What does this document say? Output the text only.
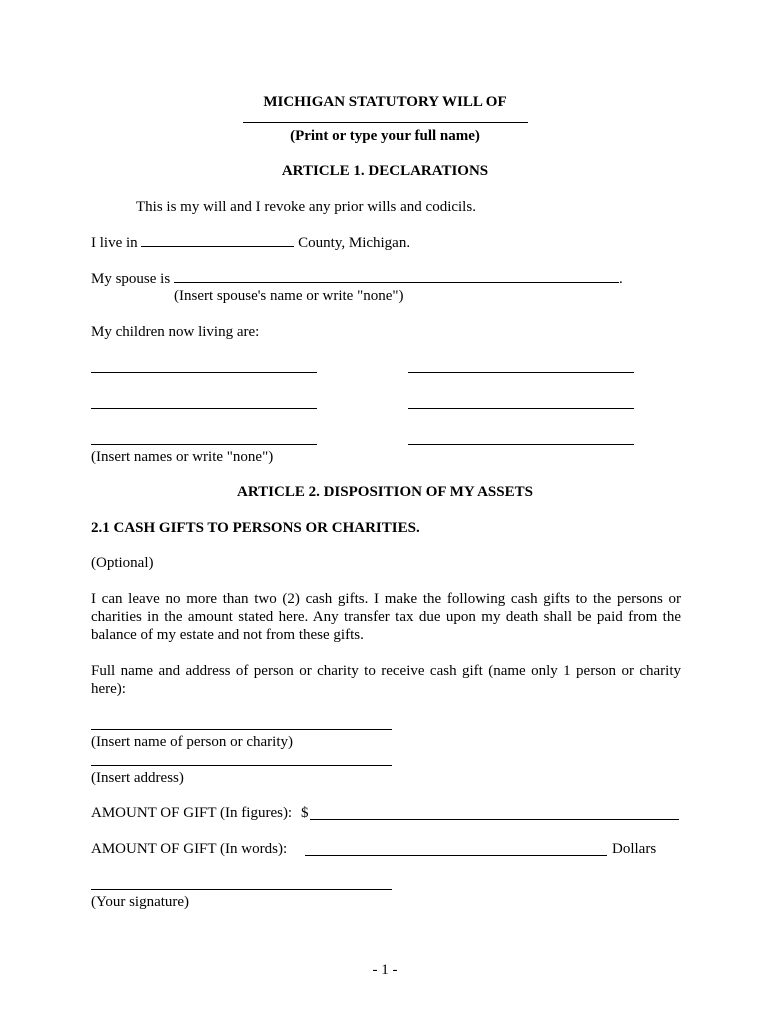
MICHIGAN STATUTORY WILL OF
(Print or type your full name)
ARTICLE 1. DECLARATIONS
This is my will and I revoke any prior wills and codicils.
I live in	County, Michigan.
My spouse is	.
(Insert spouse's name or write "none")
My children now living are:
(Insert names or write "none")
ARTICLE 2. DISPOSITION OF MY ASSETS
2.1 CASH GIFTS TO PERSONS OR CHARITIES.
(Optional)
I can leave no more than two (2) cash gifts. I make the following cash gifts to the persons or charities in the amount stated here. Any transfer tax due upon my death shall be paid from the balance of my estate and not from these gifts.
Full name and address of person or charity to receive cash gift (name only 1 person or charity here):
(Insert name of person or charity)
(Insert address)
AMOUNT OF GIFT (In figures): $
AMOUNT OF GIFT (In words):	Dollars
(Your signature)
- 1 -
